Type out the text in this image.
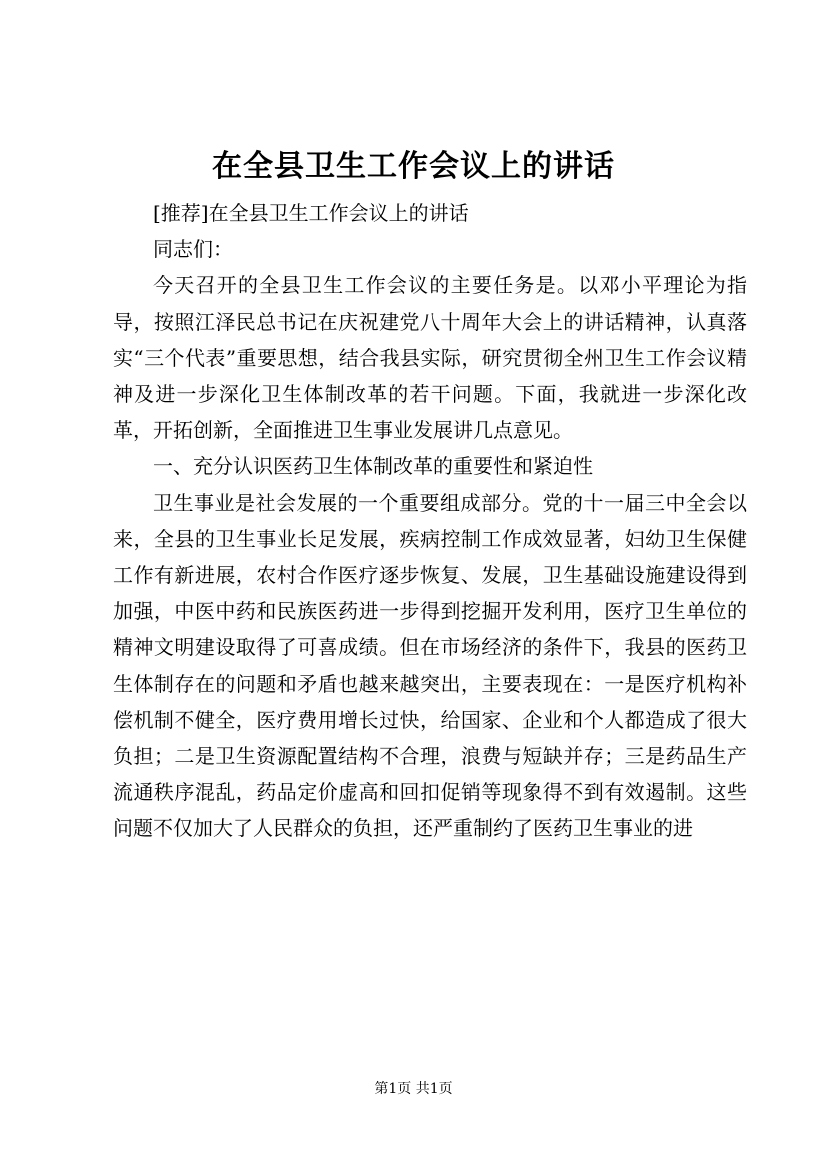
在全县卫生工作会议上的讲话

[推荐]在全县卫生工作会议上的讲话

同志们：

今天召开的全县卫生工作会议的主要任务是。以邓小平理论为指导，按照江泽民总书记在庆祝建党八十周年大会上的讲话精神，认真落实“三个代表”重要思想，结合我县实际，研究贯彻全州卫生工作会议精神及进一步深化卫生体制改革的若干问题。下面，我就进一步深化改革，开拓创新，全面推进卫生事业发展讲几点意见。

一、充分认识医药卫生体制改革的重要性和紧迫性

卫生事业是社会发展的一个重要组成部分。党的十一届三中全会以来，全县的卫生事业长足发展，疾病控制工作成效显著，妇幼卫生保健工作有新进展，农村合作医疗逐步恢复、发展，卫生基础设施建设得到加强，中医中药和民族医药进一步得到挖掘开发利用，医疗卫生单位的精神文明建设取得了可喜成绩。但在市场经济的条件下，我县的医药卫生体制存在的问题和矛盾也越来越突出，主要表现在：一是医疗机构补偿机制不健全，医疗费用增长过快，给国家、企业和个人都造成了很大负担；二是卫生资源配置结构不合理，浪费与短缺并存；三是药品生产流通秩序混乱，药品定价虚高和回扣促销等现象得不到有效遏制。这些问题不仅加大了人民群众的负担，还严重制约了医药卫生事业的进

第1页 共1页
